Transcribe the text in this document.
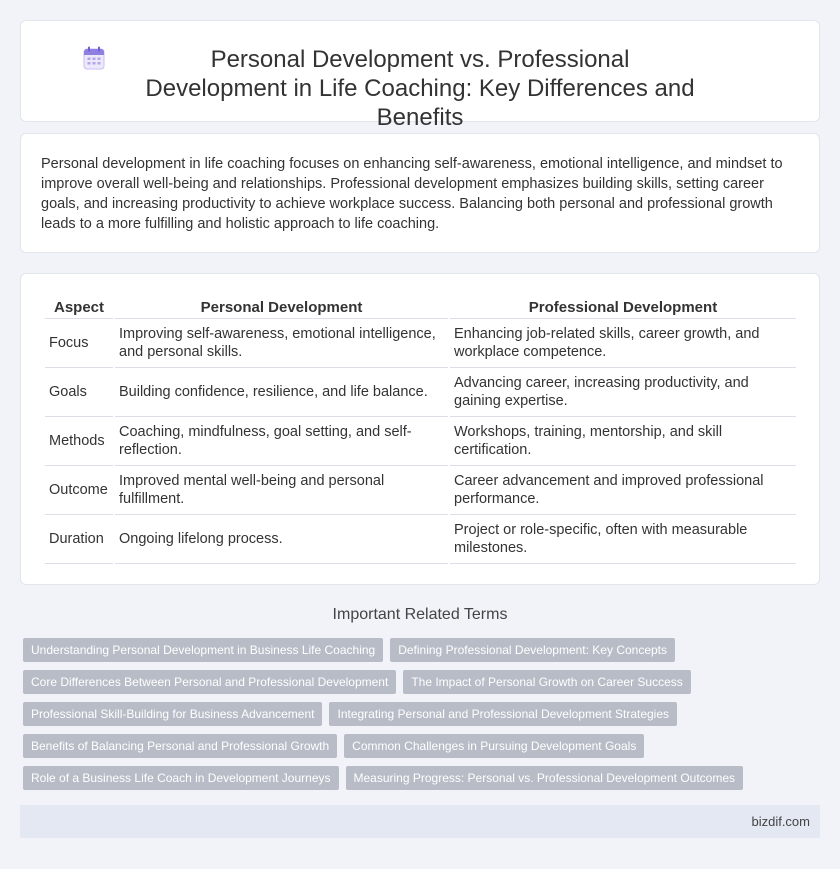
Personal Development vs. Professional Development in Life Coaching: Key Differences and Benefits

Personal development in life coaching focuses on enhancing self-awareness, emotional intelligence, and mindset to improve overall well-being and relationships. Professional development emphasizes building skills, setting career goals, and increasing productivity to achieve workplace success. Balancing both personal and professional growth leads to a more fulfilling and holistic approach to life coaching.

Aspect	Personal Development	Professional Development
Focus	Improving self-awareness, emotional intelligence, and personal skills.	Enhancing job-related skills, career growth, and workplace competence.
Goals	Building confidence, resilience, and life balance.	Advancing career, increasing productivity, and gaining expertise.
Methods	Coaching, mindfulness, goal setting, and self-reflection.	Workshops, training, mentorship, and skill certification.
Outcome	Improved mental well-being and personal fulfillment.	Career advancement and improved professional performance.
Duration	Ongoing lifelong process.	Project or role-specific, often with measurable milestones.
Important Related Terms
Understanding Personal Development in Business Life Coaching	Defining Professional Development: Key Concepts
Core Differences Between Personal and Professional Development	The Impact of Personal Growth on Career Success
Professional Skill-Building for Business Advancement	Integrating Personal and Professional Development Strategies
Benefits of Balancing Personal and Professional Growth	Common Challenges in Pursuing Development Goals
Role of a Business Life Coach in Development Journeys	Measuring Progress: Personal vs. Professional Development Outcomes
bizdif.com
